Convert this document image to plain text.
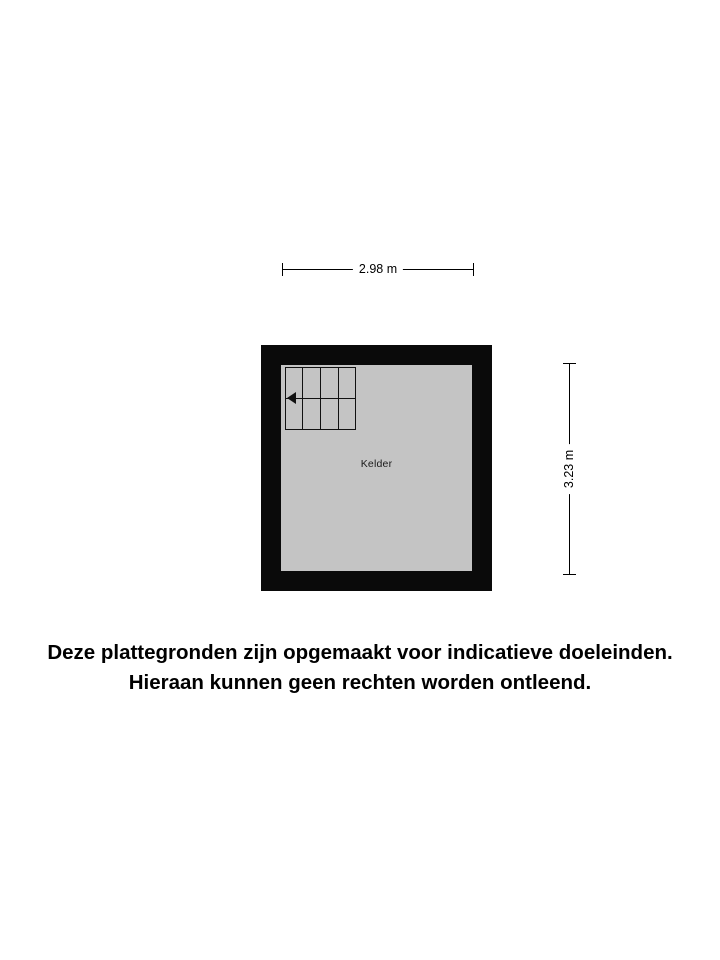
2.98 m
3.23 m
Kelder
Deze plattegronden zijn opgemaakt voor indicatieve doeleinden.
Hieraan kunnen geen rechten worden ontleend.
